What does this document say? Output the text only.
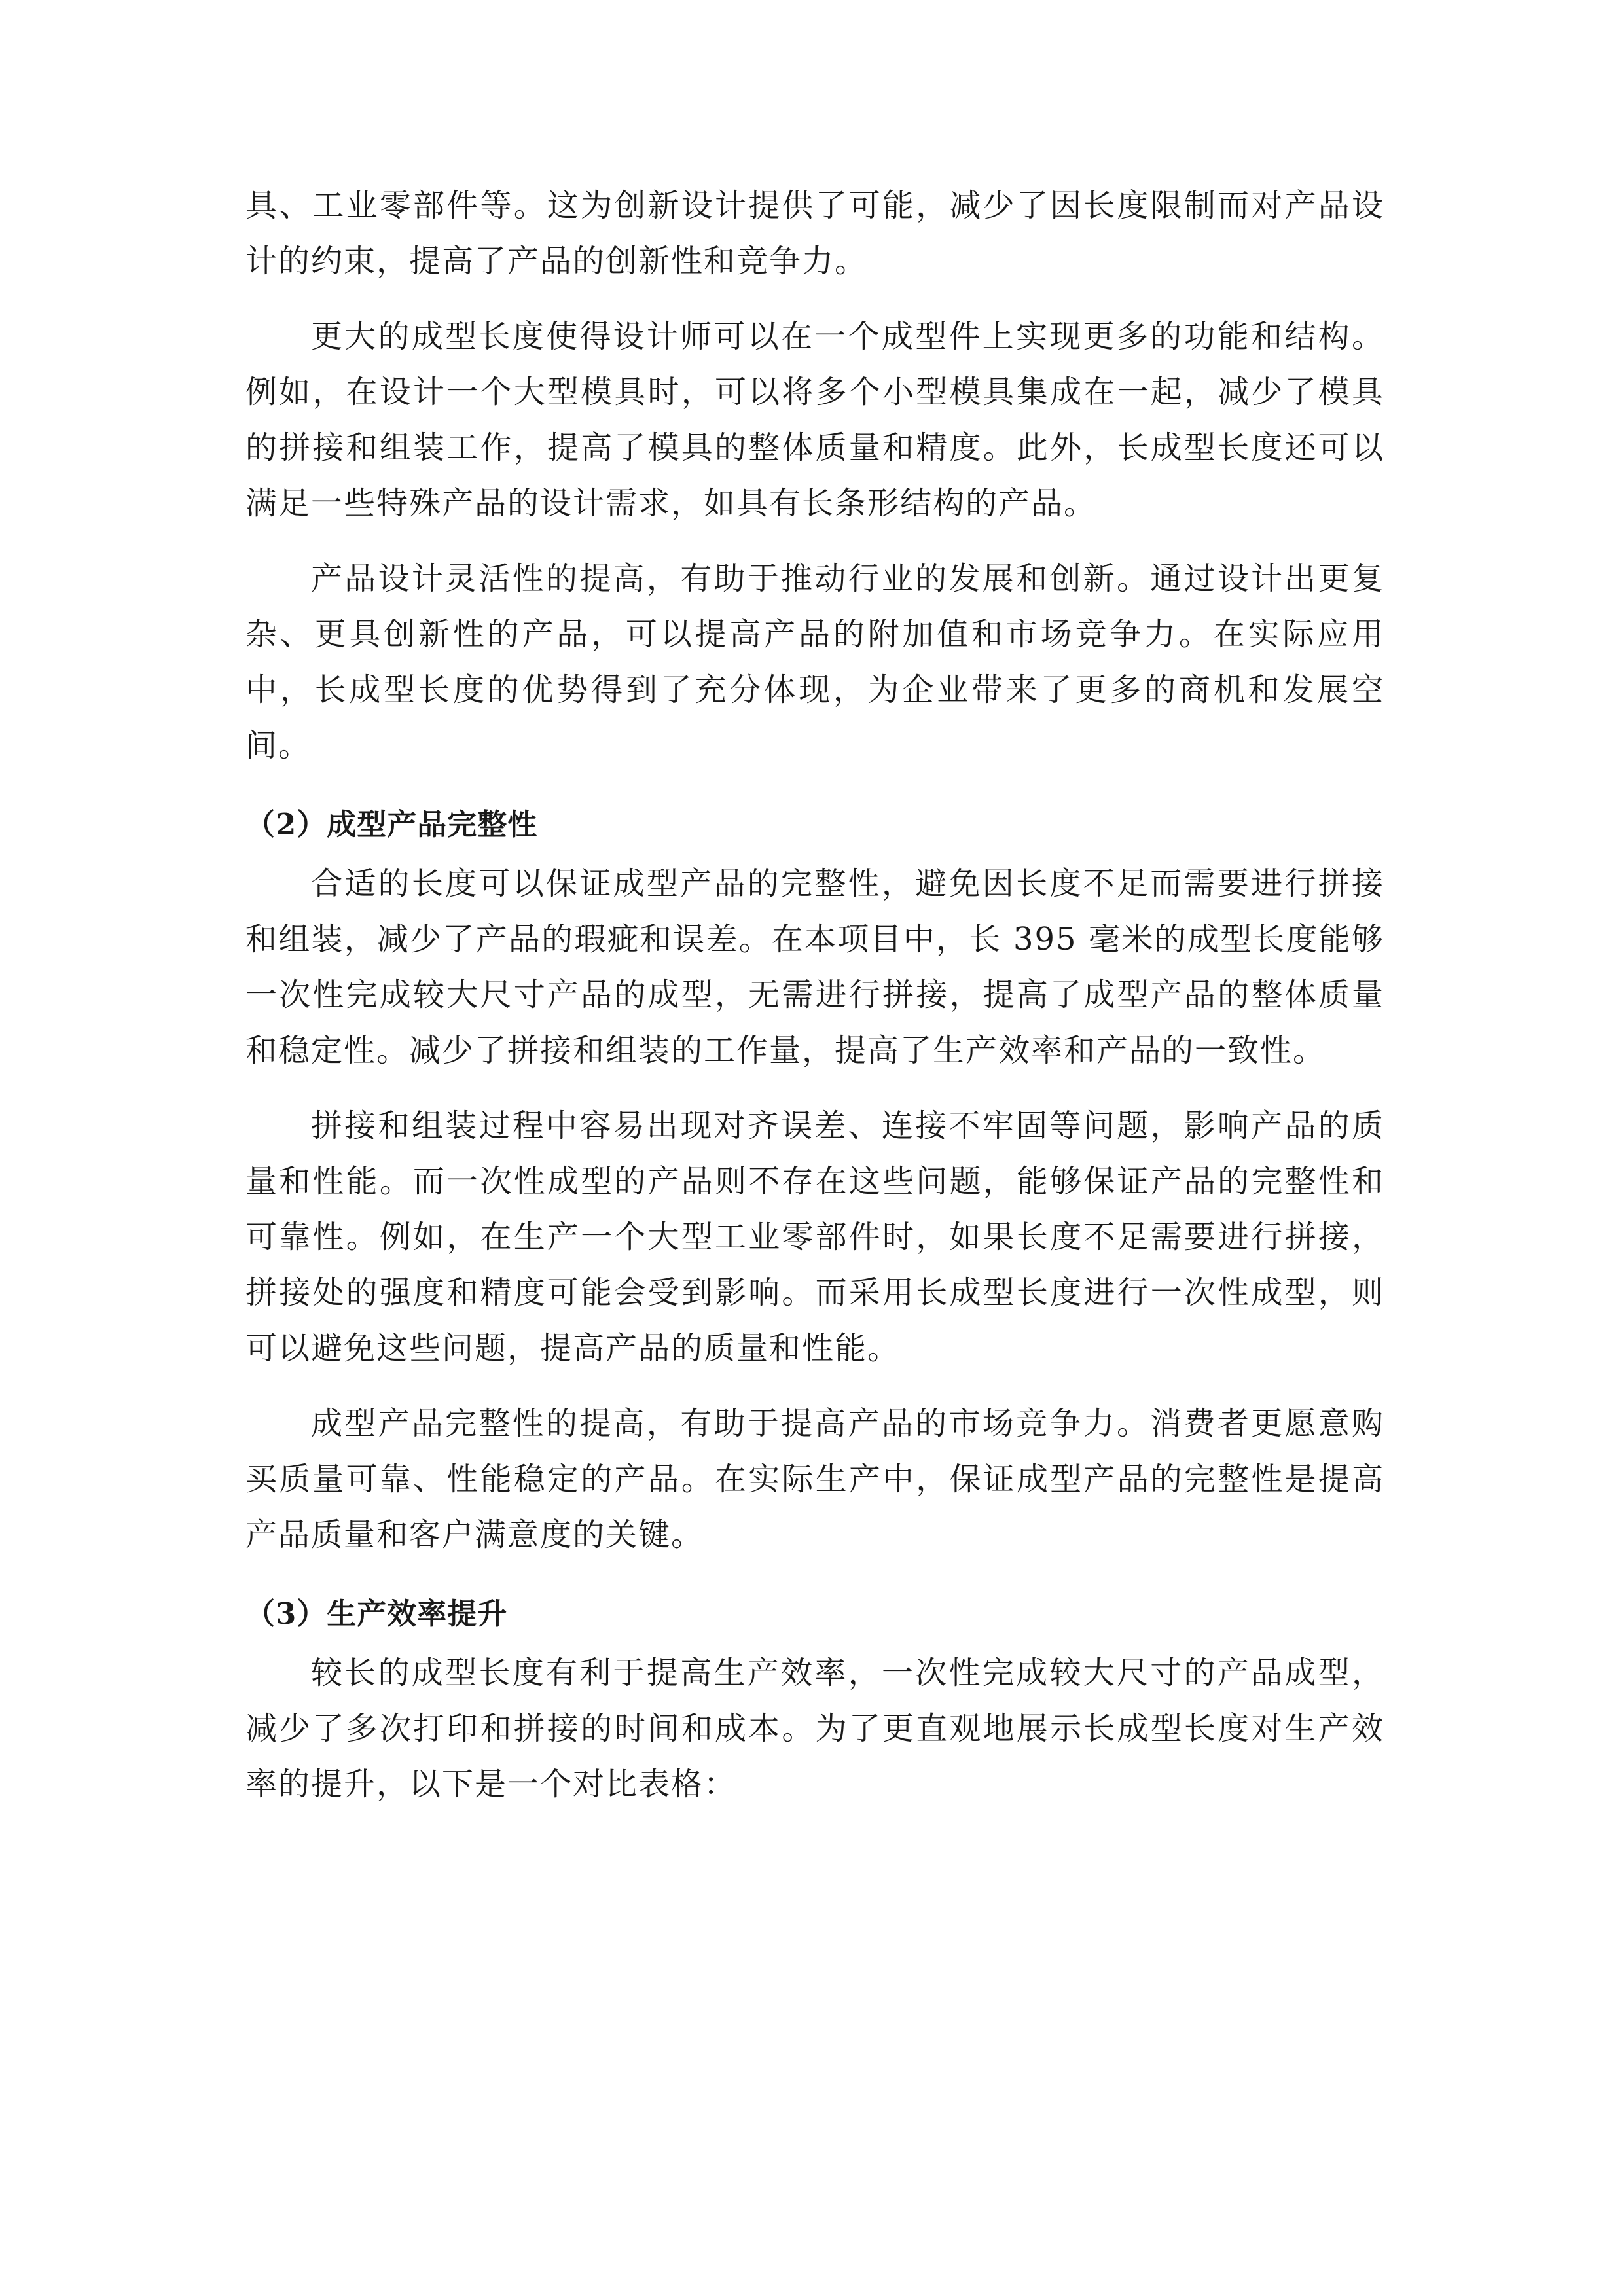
具、工业零部件等。这为创新设计提供了可能，减少了因长度限制而对产品设计的约束，提高了产品的创新性和竞争力。

更大的成型长度使得设计师可以在一个成型件上实现更多的功能和结构。例如，在设计一个大型模具时，可以将多个小型模具集成在一起，减少了模具的拼接和组装工作，提高了模具的整体质量和精度。此外，长成型长度还可以满足一些特殊产品的设计需求，如具有长条形结构的产品。

产品设计灵活性的提高，有助于推动行业的发展和创新。通过设计出更复杂、更具创新性的产品，可以提高产品的附加值和市场竞争力。在实际应用中，长成型长度的优势得到了充分体现，为企业带来了更多的商机和发展空间。

（2）成型产品完整性

合适的长度可以保证成型产品的完整性，避免因长度不足而需要进行拼接和组装，减少了产品的瑕疵和误差。在本项目中，长 395 毫米的成型长度能够一次性完成较大尺寸产品的成型，无需进行拼接，提高了成型产品的整体质量和稳定性。减少了拼接和组装的工作量，提高了生产效率和产品的一致性。

拼接和组装过程中容易出现对齐误差、连接不牢固等问题，影响产品的质量和性能。而一次性成型的产品则不存在这些问题，能够保证产品的完整性和可靠性。例如，在生产一个大型工业零部件时，如果长度不足需要进行拼接，拼接处的强度和精度可能会受到影响。而采用长成型长度进行一次性成型，则可以避免这些问题，提高产品的质量和性能。

成型产品完整性的提高，有助于提高产品的市场竞争力。消费者更愿意购买质量可靠、性能稳定的产品。在实际生产中，保证成型产品的完整性是提高产品质量和客户满意度的关键。

（3）生产效率提升

较长的成型长度有利于提高生产效率，一次性完成较大尺寸的产品成型，减少了多次打印和拼接的时间和成本。为了更直观地展示长成型长度对生产效率的提升，以下是一个对比表格：
